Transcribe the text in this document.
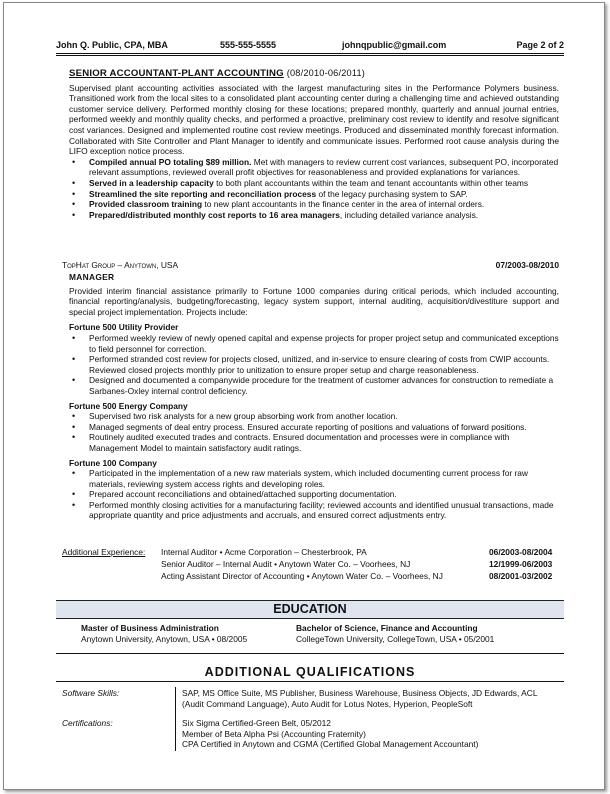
John Q. Public, CPA, MBA	555-555-5555	johnqpublic@gmail.com	Page 2 of 2
SENIOR ACCOUNTANT-PLANT ACCOUNTING (08/2010-06/2011)
Supervised plant accounting activities associated with the largest manufacturing sites in the Performance Polymers business. Transitioned work from the local sites to a consolidated plant accounting center during a challenging time and achieved outstanding customer service delivery. Performed monthly closing for these locations; prepared monthly, quarterly and annual journal entries, performed weekly and monthly quality checks, and performed a proactive, preliminary cost review to identify and resolve significant cost variances. Designed and implemented routine cost review meetings. Produced and disseminated monthly forecast information. Collaborated with Site Controller and Plant Manager to identify and communicate issues. Performed root cause analysis during the LIFO exception notice process.
• Compiled annual PO totaling $89 million. Met with managers to review current cost variances, subsequent PO, incorporated relevant assumptions, reviewed overall profit objectives for reasonableness and provided explanations for variances.
• Served in a leadership capacity to both plant accountants within the team and tenant accountants within other teams
• Streamlined the site reporting and reconciliation process of the legacy purchasing system to SAP.
• Provided classroom training to new plant accountants in the finance center in the area of internal orders.
• Prepared/distributed monthly cost reports to 16 area managers, including detailed variance analysis.
TopHat Group – Anytown, USA	07/2003-08/2010
MANAGER
Provided interim financial assistance primarily to Fortune 1000 companies during critical periods, which included accounting, financial reporting/analysis, budgeting/forecasting, legacy system support, internal auditing, acquisition/divestiture support and special project implementation. Projects include:
Fortune 500 Utility Provider
• Performed weekly review of newly opened capital and expense projects for proper project setup and communicated exceptions to field personnel for correction.
• Performed stranded cost review for projects closed, unitized, and in-service to ensure clearing of costs from CWIP accounts. Reviewed closed projects monthly prior to unitization to ensure proper setup and charge reasonableness.
• Designed and documented a companywide procedure for the treatment of customer advances for construction to remediate a Sarbanes-Oxley internal control deficiency.
Fortune 500 Energy Company
• Supervised two risk analysts for a new group absorbing work from another location.
• Managed segments of deal entry process. Ensured accurate reporting of positions and valuations of forward positions.
• Routinely audited executed trades and contracts. Ensured documentation and processes were in compliance with Management Model to maintain satisfactory audit ratings.
Fortune 100 Company
• Participated in the implementation of a new raw materials system, which included documenting current process for raw materials, reviewing system access rights and developing roles.
• Prepared account reconciliations and obtained/attached supporting documentation.
• Performed monthly closing activities for a manufacturing facility; reviewed accounts and identified unusual transactions, made appropriate quantity and price adjustments and accruals, and ensured correct adjustments entry.
Additional Experience:
EDUCATION
Master of Business Administration
Anytown University, Anytown, USA • 08/2005
Bachelor of Science, Finance and Accounting
CollegeTown University, CollegeTown, USA • 05/2001
ADDITIONAL QUALIFICATIONS
Software Skills:	SAP, MS Office Suite, MS Publisher, Business Warehouse, Business Objects, JD Edwards, ACL
(Audit Command Language), Auto Audit for Lotus Notes, Hyperion, PeopleSoft
Certifications:	Six Sigma Certified-Green Belt, 05/2012
Member of Beta Alpha Psi (Accounting Fraternity)
CPA Certified in Anytown and CGMA (Certified Global Management Accountant)
Internal Auditor • Acme Corporation – Chesterbrook, PA	06/2003-08/2004
Senior Auditor – Internal Audit • Anytown Water Co. – Voorhees, NJ	12/1999-06/2003
Acting Assistant Director of Accounting • Anytown Water Co. – Voorhees, NJ	08/2001-03/2002
